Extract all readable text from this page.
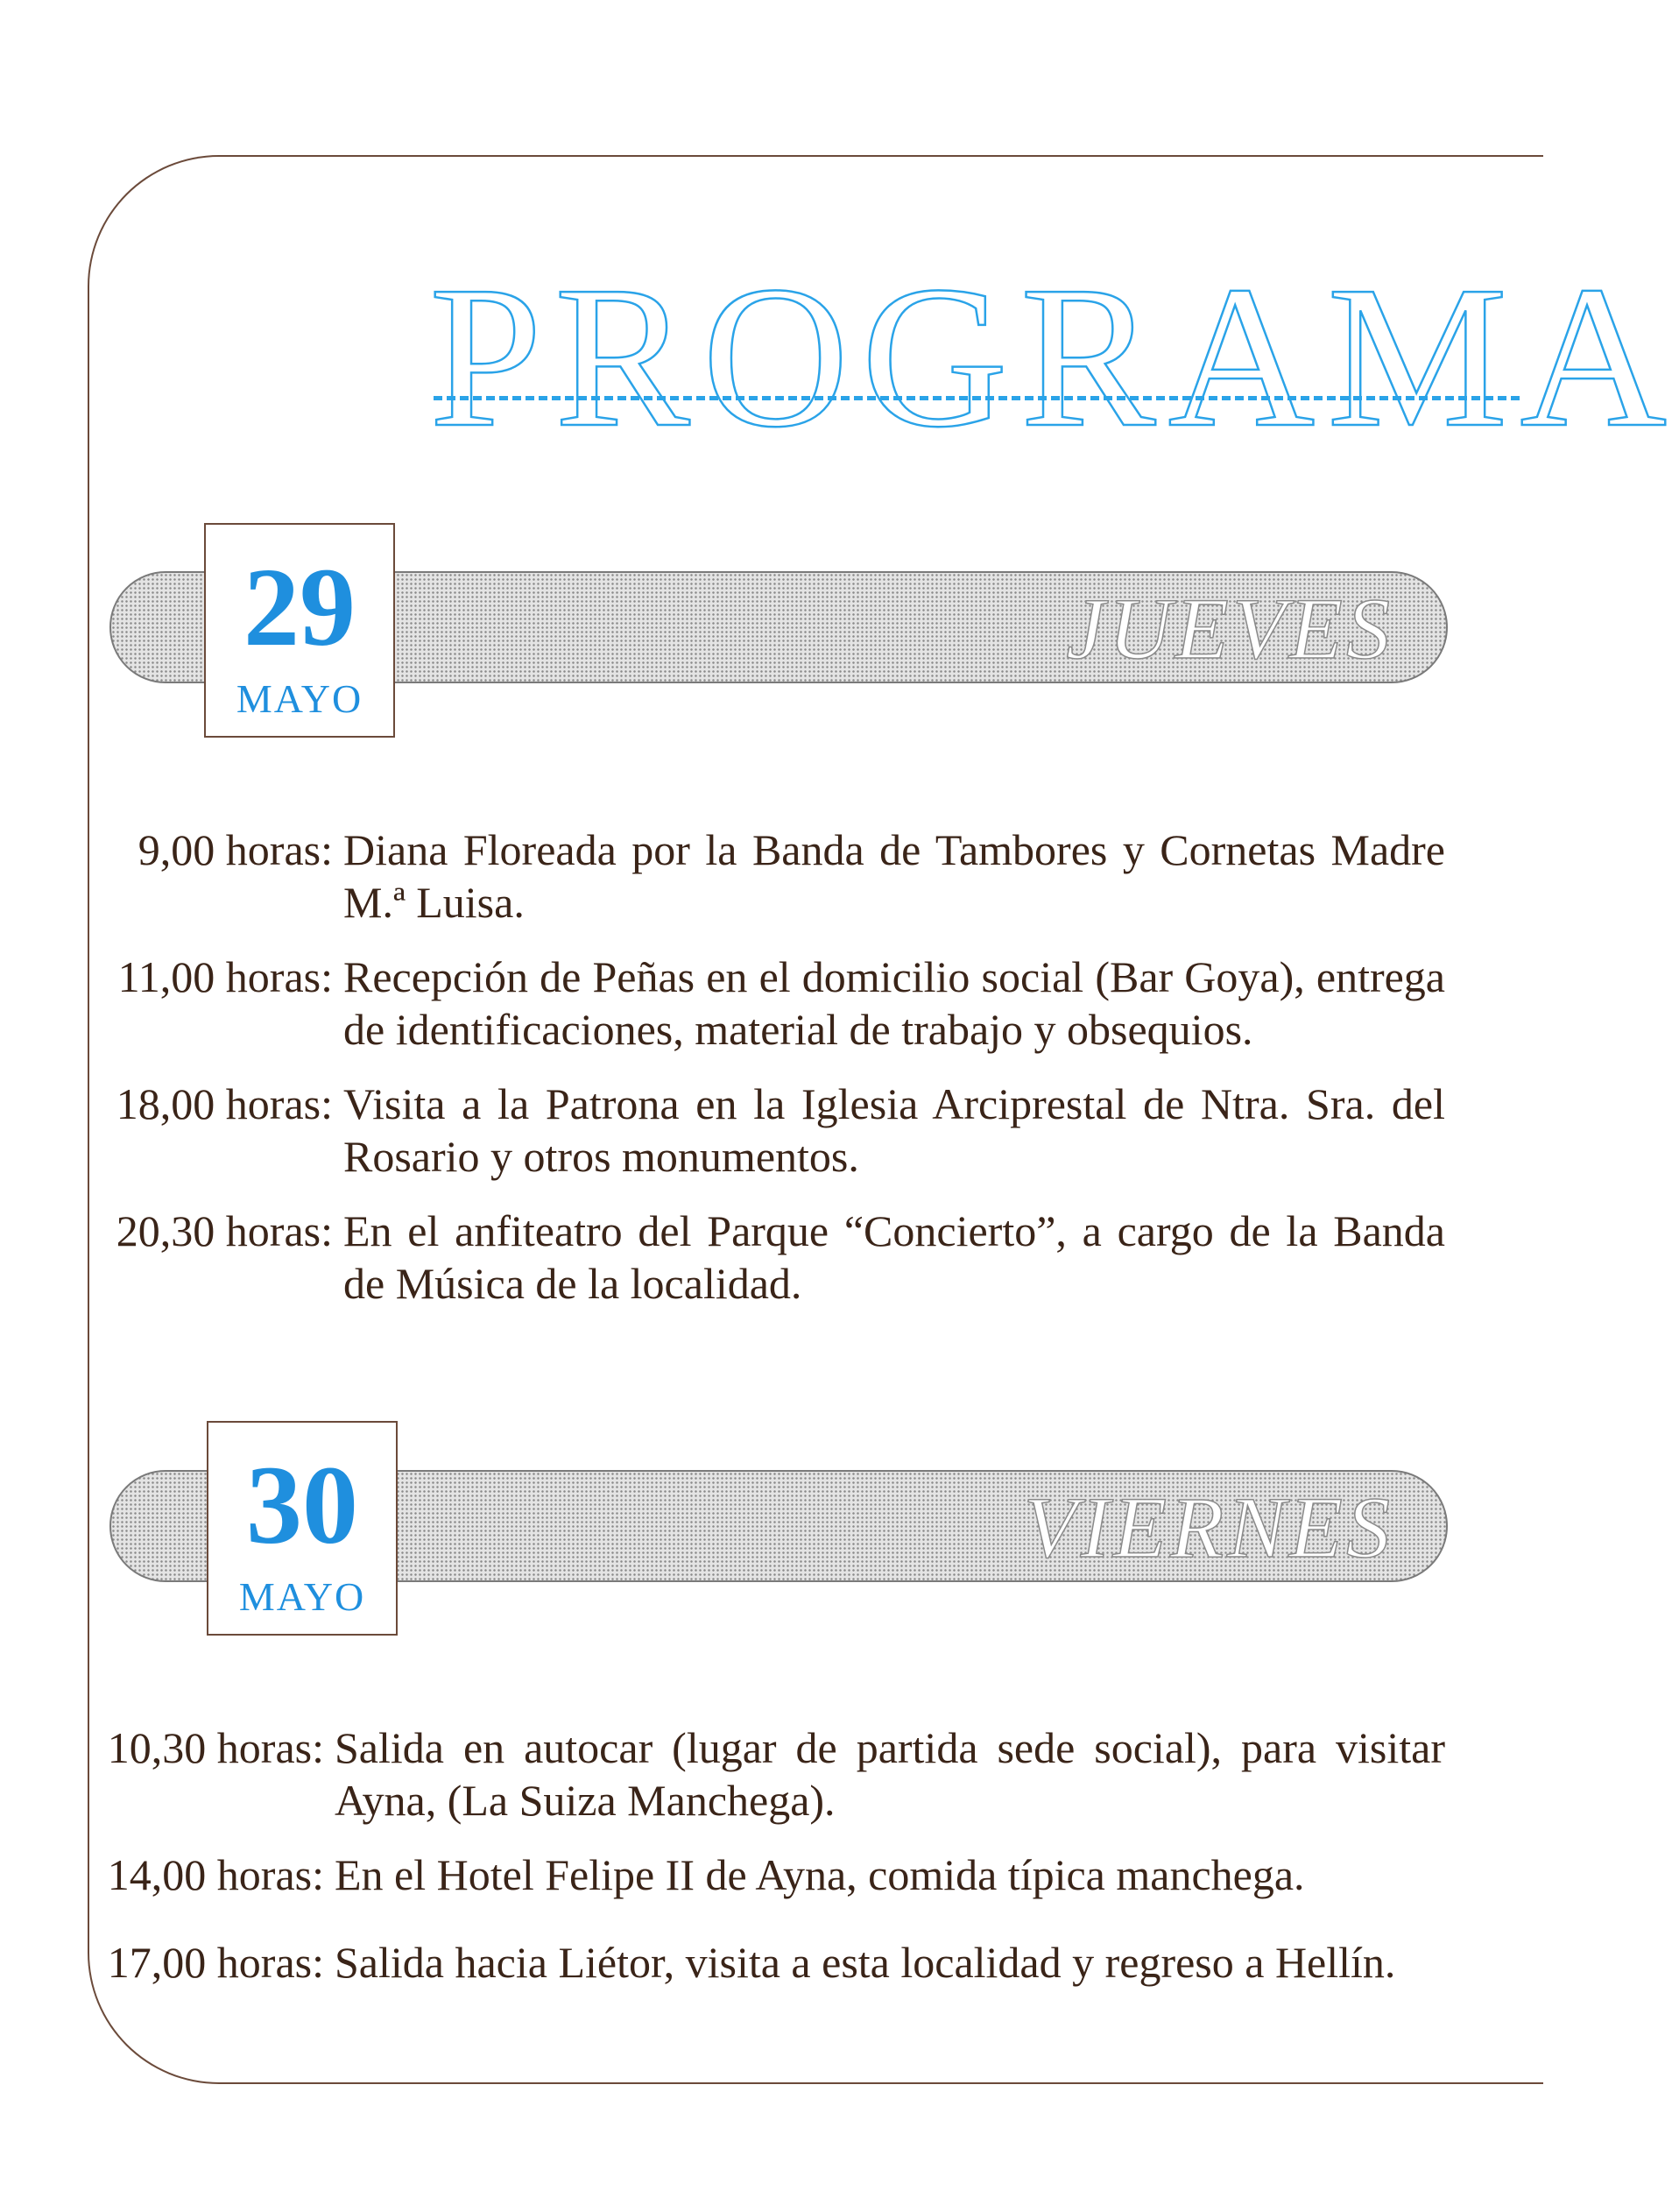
PROGRAMA
JUEVES
29
MAYO
9,00 horas: Diana Floreada por la Banda de Tambores y Cornetas Madre M.ª Luisa.
11,00 horas: Recepción de Peñas en el domicilio social (Bar Goya), entrega de identificaciones, material de trabajo y obsequios.
18,00 horas: Visita a la Patrona en la Iglesia Arciprestal de Ntra. Sra. del Rosario y otros monumentos.
20,30 horas: En el anfiteatro del Parque “Concierto”, a cargo de la Banda de Música de la localidad.
VIERNES
30
MAYO
10,30 horas: Salida en autocar (lugar de partida sede social), para visitar Ayna, (La Suiza Manchega).
14,00 horas: En el Hotel Felipe II de Ayna, comida típica manchega.
17,00 horas: Salida hacia Liétor, visita a esta localidad y regreso a Hellín.
